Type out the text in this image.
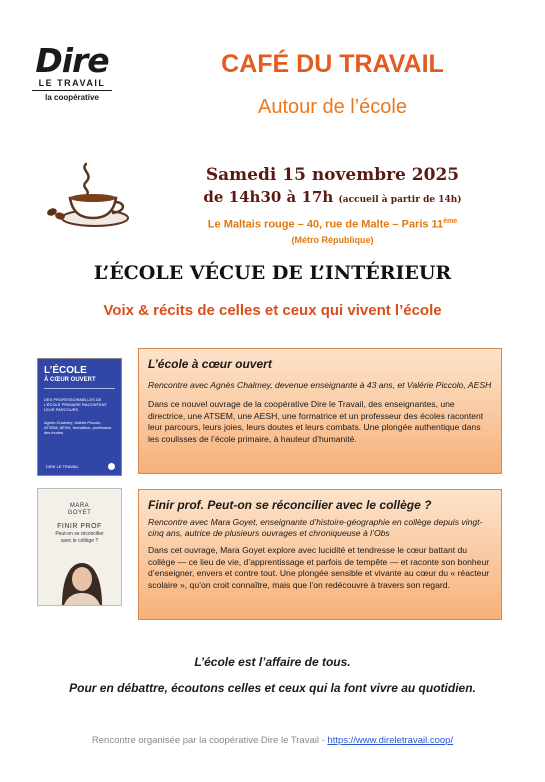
Dire
LE TRAVAIL
la coopérative
CAFÉ DU TRAVAIL
Autour de l’école
Samedi 15 novembre 2025
de 14h30 à 17h (accueil à partir de 14h)
Le Maltais rouge – 40, rue de Malte – Paris 11ème
(Métro République)
L’ÉCOLE VÉCUE DE L’INTÉRIEUR
Voix & récits de celles et ceux qui vivent l’école
L’ÉCOLE
À CŒUR OUVERT
DES PROFESSIONNELLES DE L’ÉCOLE PRIMAIRE RACONTENT LEUR PARCOURS
Agnès Chalmey, Valérie Piccolo, ATSEM, AESH, formatrice, professeur des écoles
DIRE LE TRAVAIL
MARA
GOYET
FINIR PROF
Peut-on se réconcilier
avec le collège ?
L’école à cœur ouvert

Rencontre avec Agnès Chalmey, devenue enseignante à 43 ans, et Valérie Piccolo, AESH

Dans ce nouvel ouvrage de la coopérative Dire le Travail, des enseignantes, une directrice, une ATSEM, une AESH, une formatrice et un professeur des écoles racontent leur parcours, leurs joies, leurs doutes et leurs combats. Une plongée authentique dans les coulisses de l’école primaire, à hauteur d’humanité.

Finir prof. Peut-on se réconcilier avec le collège ?

Rencontre avec Mara Goyet, enseignante d’histoire-géographie en collège depuis vingt-cinq ans, autrice de plusieurs ouvrages et chroniqueuse à l’Obs

Dans cet ouvrage, Mara Goyet explore avec lucidité et tendresse le cœur battant du collège — ce lieu de vie, d’apprentissage et parfois de tempête — et raconte son bonheur d’enseigner, envers et contre tout. Une plongée sensible et vivante au cœur du « réacteur scolaire », qu’on croit connaître, mais que l’on redécouvre à travers son regard.

L’école est l’affaire de tous.
Pour en débattre, écoutons celles et ceux qui la font vivre au quotidien.
Rencontre organisée par la coopérative Dire le Travail - https://www.direletravail.coop/
